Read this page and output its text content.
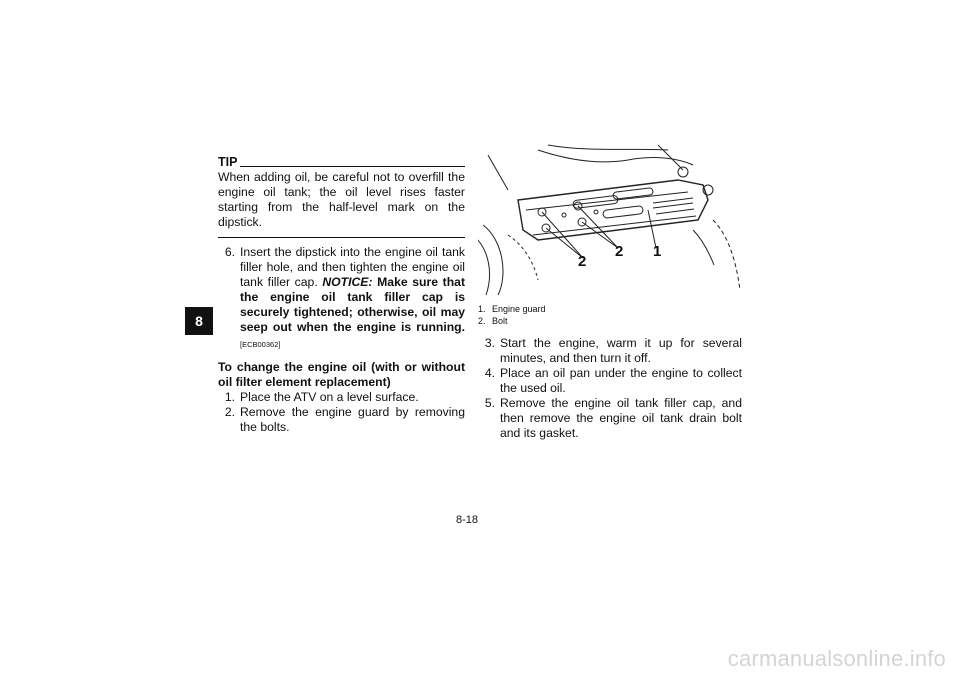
8
TIP

When adding oil, be careful not to overfill the engine oil tank; the oil level rises faster starting from the half-level mark on the dipstick.

6. Insert the dipstick into the engine oil tank filler hole, and then tighten the engine oil tank filler cap. NOTICE: Make sure that the engine oil tank filler cap is securely tightened; otherwise, oil may seep out when the engine is running. [ECB00362]
To change the engine oil (with or without oil filter element replacement)
1. Place the ATV on a level surface.
2. Remove the engine guard by removing the bolts.
1. Engine guard
2. Bolt
3. Start the engine, warm it up for several minutes, and then turn it off.
4. Place an oil pan under the engine to collect the used oil.
5. Remove the engine oil tank filler cap, and then remove the engine oil tank drain bolt and its gasket.
2
2 1
8-18
carmanualsonline.info
